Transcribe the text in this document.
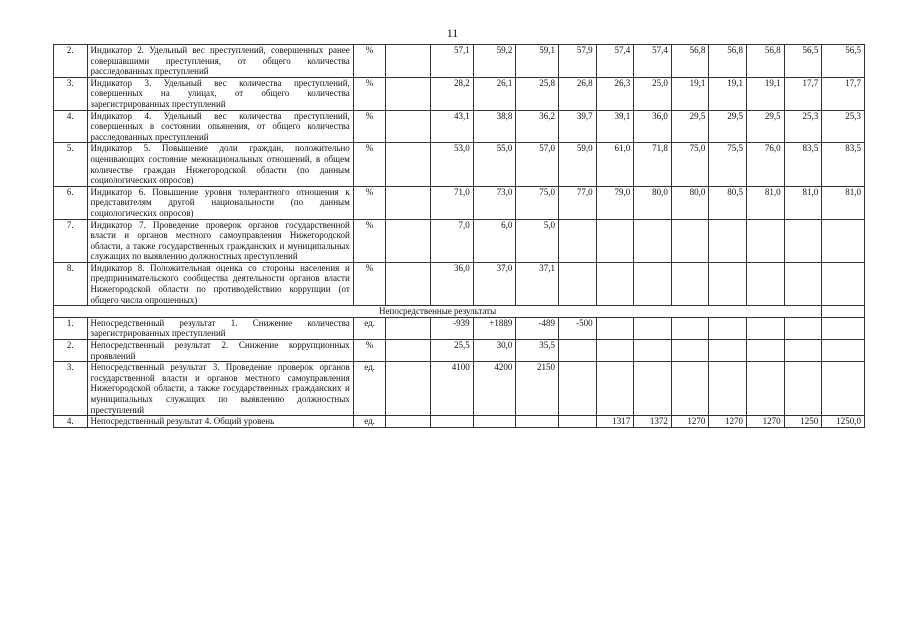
11
2.	Индикатор 2. Удельный вес преступлений, совершенных ранее совершавшими преступления, от общего количества расследованных преступлений	%		57,1	59,2	59,1	57,9	57,4	57,4	56,8	56,8	56,8	56,5	56,5
3.	Индикатор 3. Удельный вес количества преступлений, совершенных на улицах, от общего количества зарегистрированных преступлений	%		28,2	26,1	25,8	26,8	26,3	25,0	19,1	19,1	19,1	17,7	17,7
4.	Индикатор 4. Удельный вес количества преступлений, совершенных в состоянии опьянения, от общего количества расследованных преступлений	%		43,1	38,8	36,2	39,7	39,1	36,0	29,5	29,5	29,5	25,3	25,3
5.	Индикатор 5. Повышение доли граждан, положительно оценивающих состояние межнациональных отношений, в общем количестве граждан Нижегородской области (по данным социологических опросов)	%		53,0	55,0	57,0	59,0	61,0	71,8	75,0	75,5	76,0	83,5	83,5
6.	Индикатор 6. Повышение уровня толерантного отношения к представителям другой национальности (по данным социологических опросов)	%		71,0	73,0	75,0	77,0	79,0	80,0	80,0	80,5	81,0	81,0	81,0
7.	Индикатор 7. Проведение проверок органов государственной власти и органов местного самоуправления Нижегородской области, а также государственных гражданских и муниципальных служащих по выявлению должностных преступлений	%		7,0	6,0	5,0								
8.	Индикатор 8. Положительная оценка со стороны населения и предпринимательского сообщества деятельности органов власти Нижегородской области по противодействию коррупции (от общего числа опрошенных)	%		36,0	37,0	37,1								
Непосредственные результаты														
1.	Непосредственный результат 1. Снижение количества зарегистрированных преступлений	ед.		-939	+1889	-489	-500							
2.	Непосредственный результат 2. Снижение коррупционных проявлений	%		25,5	30,0	35,5								
3.	Непосредственный результат 3. Проведение проверок органов государственной власти и органов местного самоуправления Нижегородской области, а также государственных гражданских и муниципальных служащих по выявлению должностных преступлений	ед.		4100	4200	2150								
4.	Непосредственный результат 4. Общий уровень	ед.						1317	1372	1270	1270	1270	1250	1250,0
